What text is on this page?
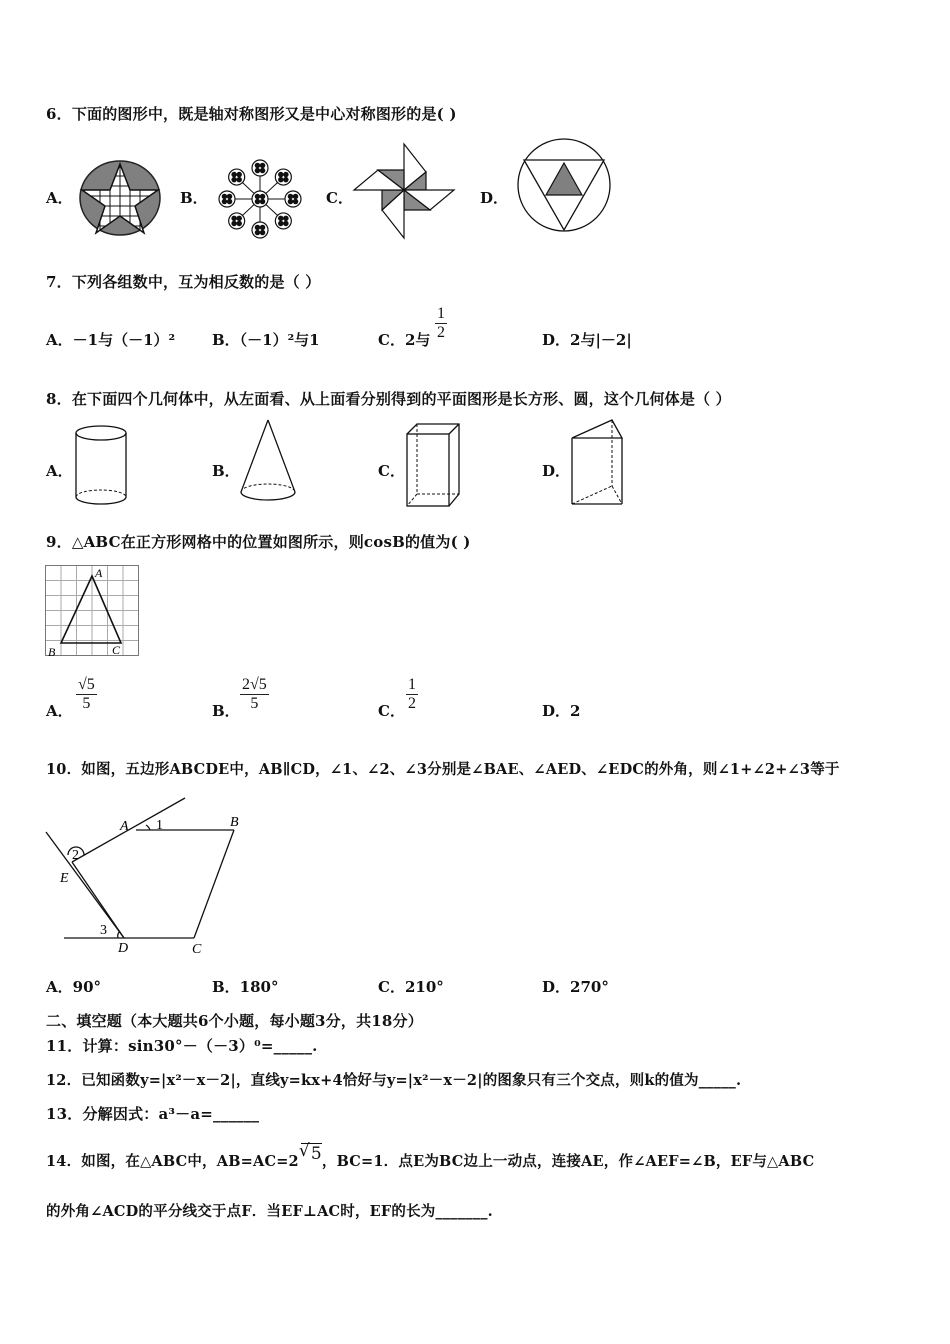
6．下面的图形中，既是轴对称图形又是中心对称图形的是( )
A．	B．	C．	D．
7．下列各组数中，互为相反数的是（ ）
A．－1与（－1）² B．（－1）²与1	C．2与 $\frac{1}{2}$	D．2与|－2|
8．在下面四个几何体中，从左面看、从上面看分别得到的平面图形是长方形、圆，这个几何体是（ ）
A．	B．	C．	D．
9．△ABC在正方形网格中的位置如图所示，则cosB的值为( )
A
B	C
A． $\frac{√5}{5}$	B． $\frac{2√5}{5}$	C． $\frac{1}{2}$	D．2
10．如图，五边形ABCDE中，AB∥CD，∠1、∠2、∠3分别是∠BAE、∠AED、∠EDC的外角，则∠1+∠2+∠3等于
A	B
C
D
E
1
2
3
A．90°	B．180°	C．210°	D．270°
二、填空题（本大题共6个小题，每小题3分，共18分）
11．计算：sin30°－（－3）⁰=_____.
12．已知函数y=|x²－x－2|，直线y=kx+4恰好与y=|x²－x－2|的图象只有三个交点，则k的值为_____.
13．分解因式：a³－a=______
14．如图，在△ABC中，AB=AC=2
√ 5，BC=1．点E为BC边上一动点，连接AE，作∠AEF=∠B，EF与△ABC
的外角∠ACD的平分线交于点F．当EF⊥AC时，EF的长为_______.
